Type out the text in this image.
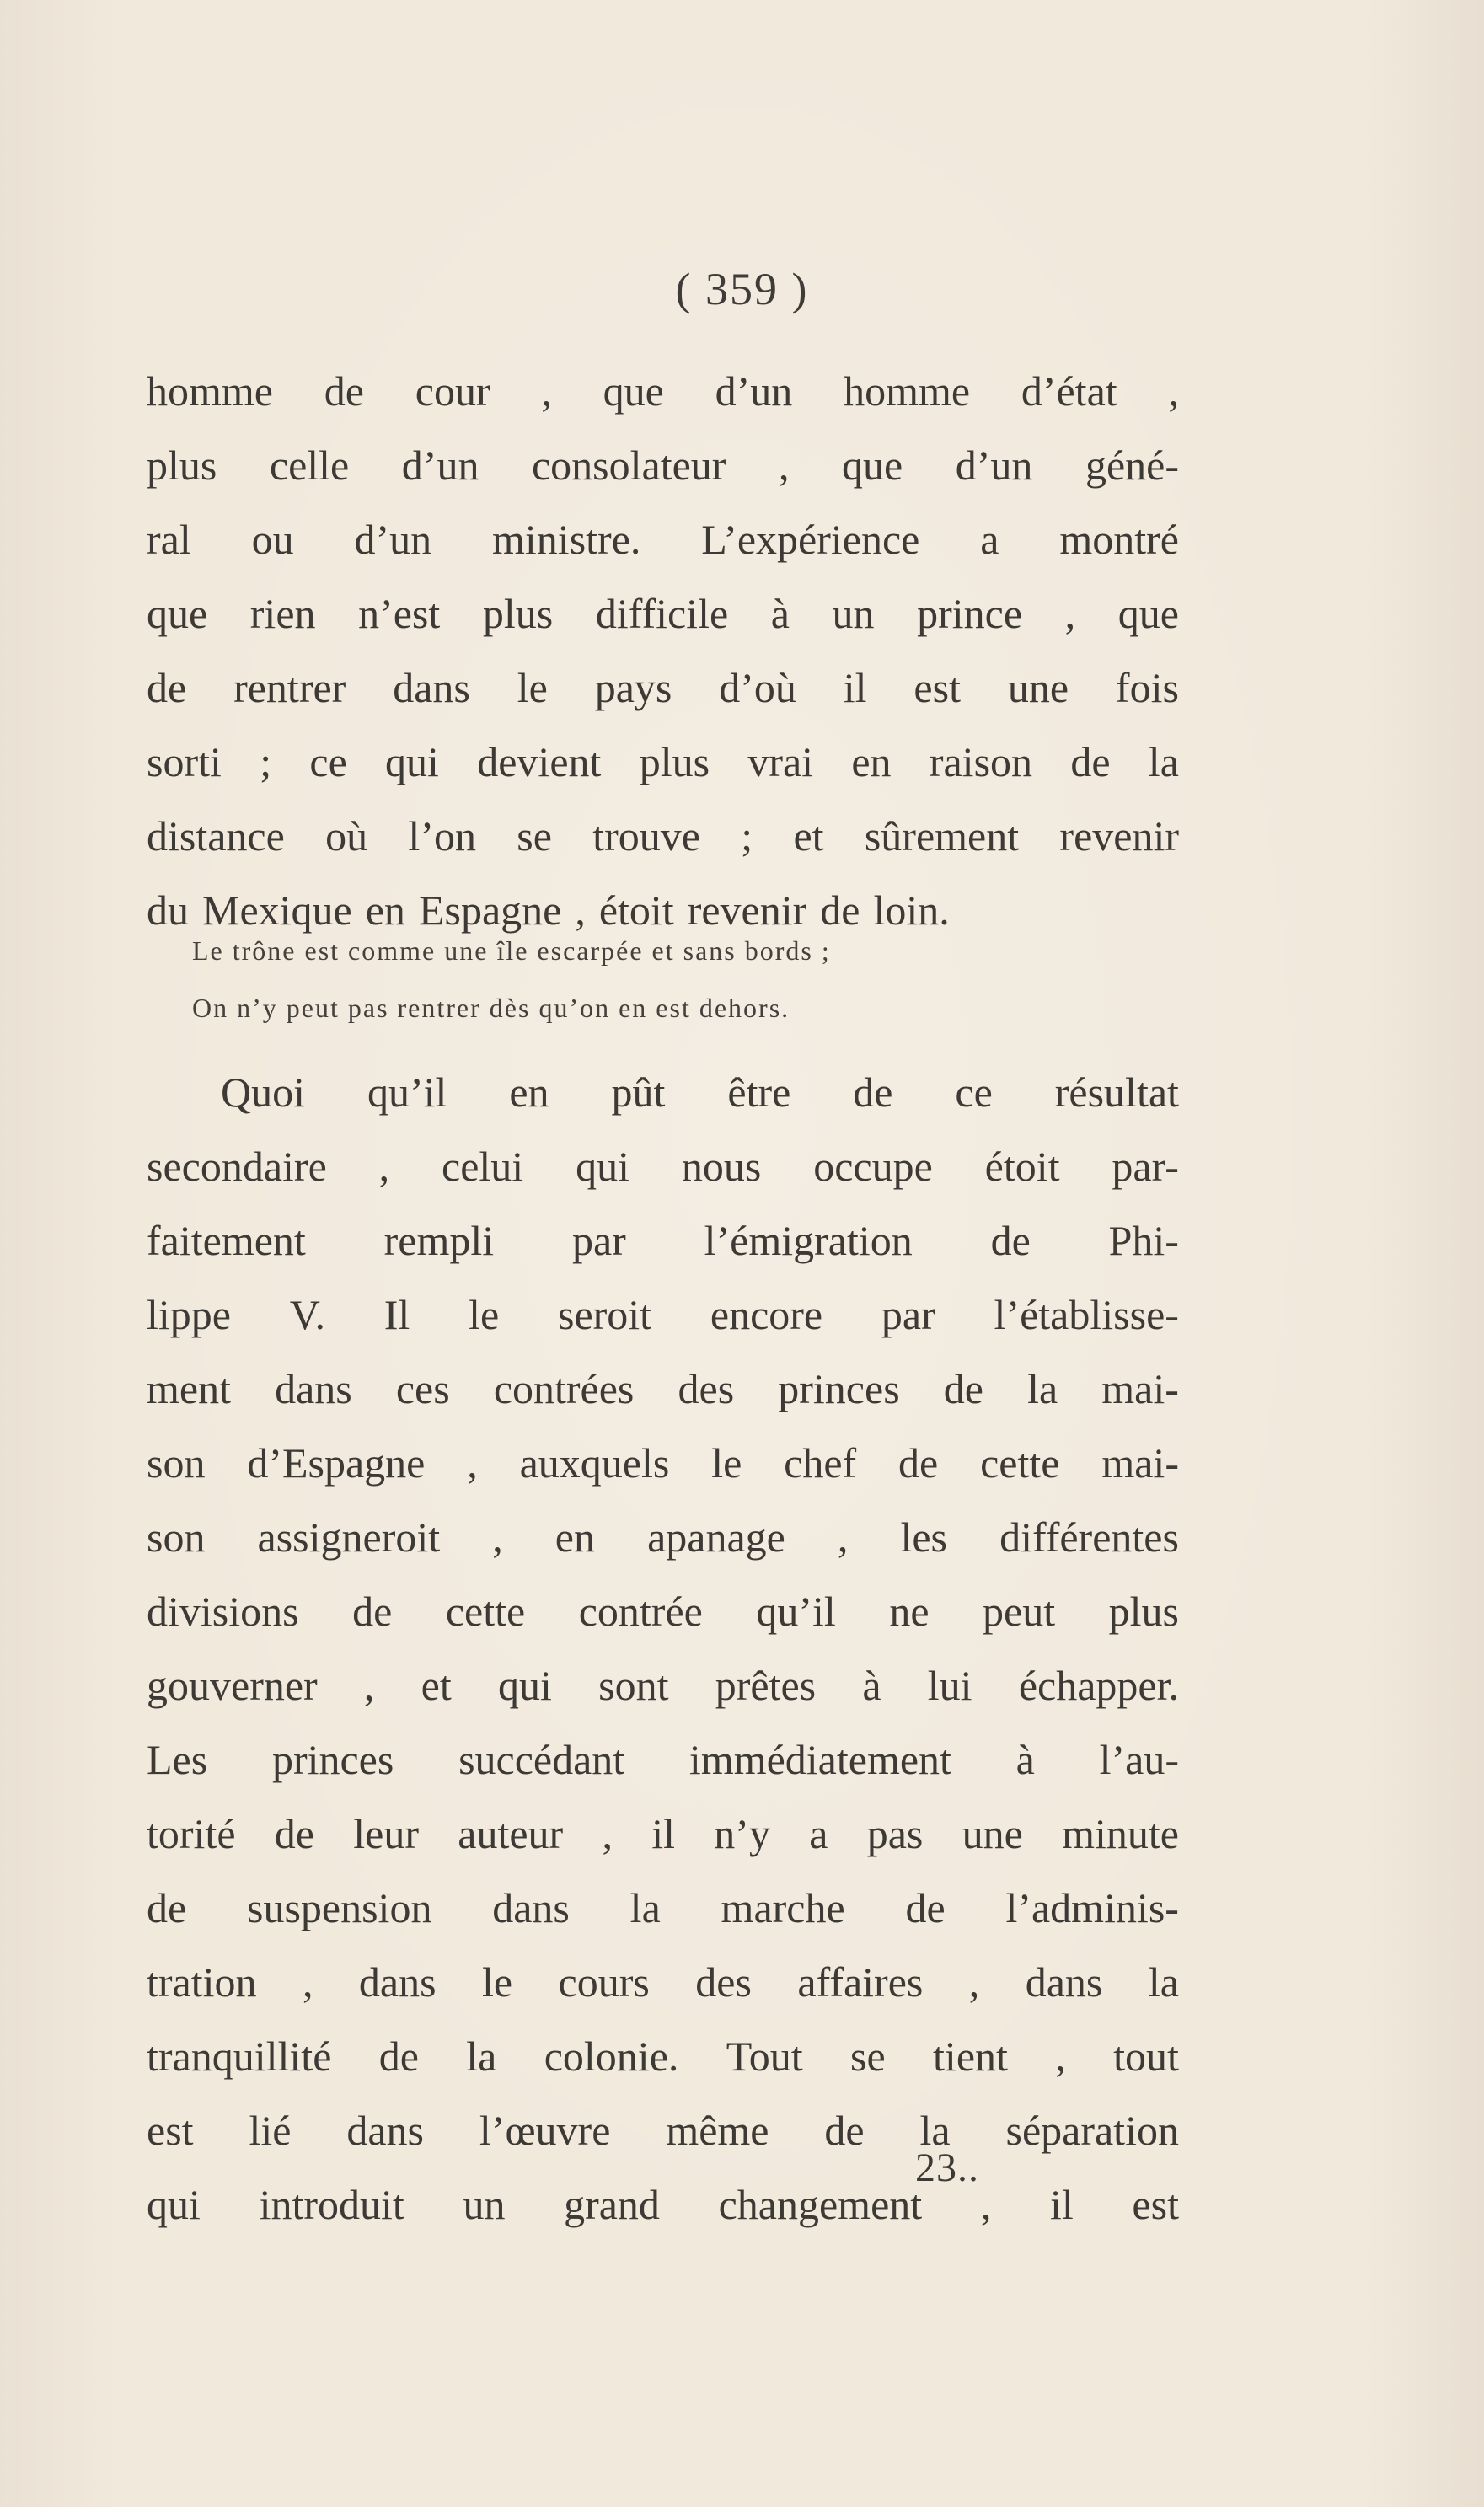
( 359 )
homme de cour , que d’un homme d’état ,
plus celle d’un consolateur , que d’un géné-
ral ou d’un ministre. L’expérience a montré
que rien n’est plus difficile à un prince , que
de rentrer dans le pays d’où il est une fois
sorti ; ce qui devient plus vrai en raison de la
distance où l’on se trouve ; et sûrement revenir
du Mexique en Espagne , étoit revenir de loin.
Le trône est comme une île escarpée et sans bords ;
On n’y peut pas rentrer dès qu’on en est dehors.
Quoi qu’il en pût être de ce résultat
secondaire , celui qui nous occupe étoit par-
faitement rempli par l’émigration de Phi-
lippe V. Il le seroit encore par l’établisse-
ment dans ces contrées des princes de la mai-
son d’Espagne , auxquels le chef de cette mai-
son assigneroit , en apanage , les différentes
divisions de cette contrée qu’il ne peut plus
gouverner , et qui sont prêtes à lui échapper.
Les princes succédant immédiatement à l’au-
torité de leur auteur , il n’y a pas une minute
de suspension dans la marche de l’adminis-
tration , dans le cours des affaires , dans la
tranquillité de la colonie. Tout se tient , tout
est lié dans l’œuvre même de la séparation
qui introduit un grand changement , il est
23..
